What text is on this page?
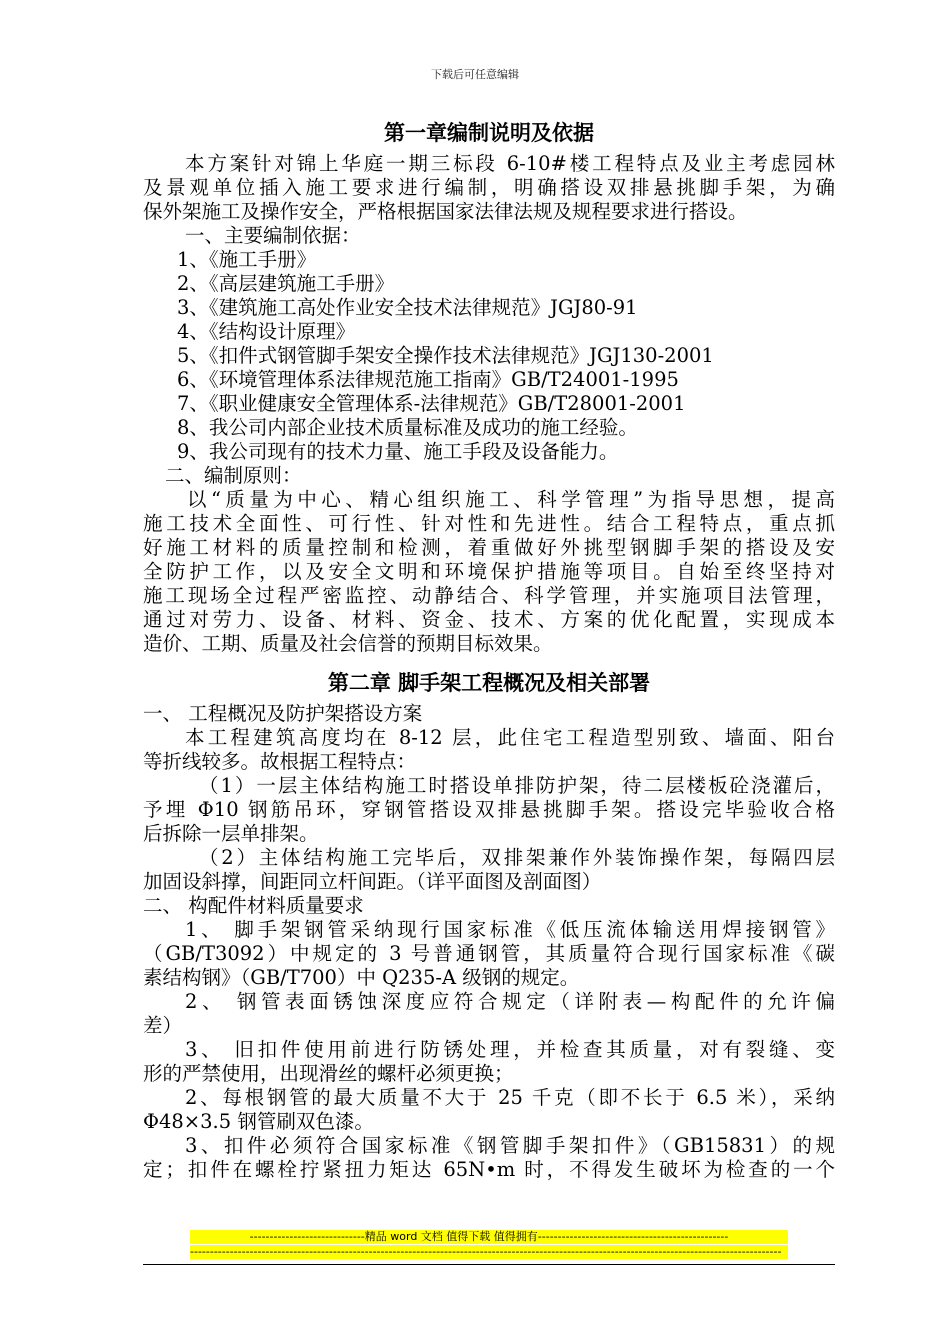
下载后可任意编辑
第一章编制说明及依据
本方案针对锦上华庭一期三标段 6-10#楼工程特点及业主考虑园林
及景观单位插入施工要求进行编制，明确搭设双排悬挑脚手架，为确
保外架施工及操作安全，严格根据国家法律法规及规程要求进行搭设。
一、主要编制依据：
1、《施工手册》
2、《高层建筑施工手册》
3、《建筑施工高处作业安全技术法律规范》JGJ80-91
4、《结构设计原理》
5、《扣件式钢管脚手架安全操作技术法律规范》JGJ130-2001
6、《环境管理体系法律规范施工指南》GB/T24001-1995
7、《职业健康安全管理体系-法律规范》GB/T28001-2001
8、我公司内部企业技术质量标准及成功的施工经验。
9、我公司现有的技术力量、施工手段及设备能力。
二、编制原则：
以“质量为中心、精心组织施工、科学管理”为指导思想，提高
施工技术全面性、可行性、针对性和先进性。结合工程特点，重点抓
好施工材料的质量控制和检测，着重做好外挑型钢脚手架的搭设及安
全防护工作，以及安全文明和环境保护措施等项目。自始至终坚持对
施工现场全过程严密监控、动静结合、科学管理，并实施项目法管理，
通过对劳力、设备、材料、资金、技术、方案的优化配置，实现成本
造价、工期、质量及社会信誉的预期目标效果。
第二章 脚手架工程概况及相关部署
一、 工程概况及防护架搭设方案
本工程建筑高度均在 8-12 层，此住宅工程造型别致、墙面、阳台
等折线较多。故根据工程特点：
（1）一层主体结构施工时搭设单排防护架，待二层楼板砼浇灌后，
予埋 Φ10 钢筋吊环，穿钢管搭设双排悬挑脚手架。搭设完毕验收合格
后拆除一层单排架。
（2）主体结构施工完毕后，双排架兼作外装饰操作架，每隔四层
加固设斜撑，间距同立杆间距。（详平面图及剖面图）
二、 构配件材料质量要求
1、 脚手架钢管采纳现行国家标准《低压流体输送用焊接钢管》
（GB/T3092）中规定的 3 号普通钢管，其质量符合现行国家标准《碳
素结构钢》（GB/T700）中 Q235-A 级钢的规定。
2、 钢管表面锈蚀深度应符合规定（详附表—构配件的允许偏
差）
3、 旧扣件使用前进行防锈处理，并检查其质量，对有裂缝、变
形的严禁使用，出现滑丝的螺杆必须更换；
2、每根钢管的最大质量不大于 25 千克（即不长于 6.5 米），采纳
Φ48×3.5 钢管刷双色漆。
3、扣件必须符合国家标准《钢管脚手架扣件》（GB15831）的规
定；扣件在螺栓拧紧扭力矩达 65N•m 时，不得发生破坏为检查的一个
-----------------------------精品 word 文档 值得下载 值得拥有------------------------------------------------
-----------------------------------------------------------------------------------------------------------------------------------------------------
